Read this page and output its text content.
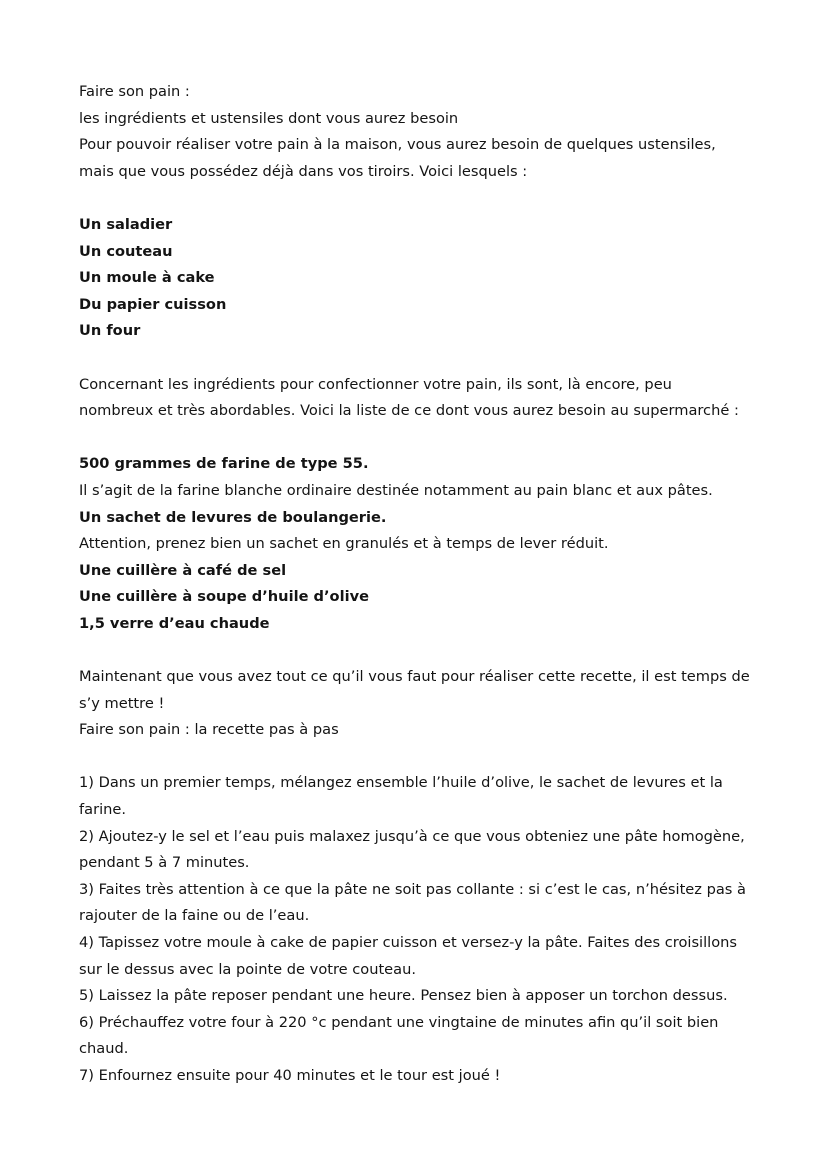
Faire son pain :
les ingrédients et ustensiles dont vous aurez besoin
Pour pouvoir réaliser votre pain à la maison, vous aurez besoin de quelques ustensiles,
mais que vous possédez déjà dans vos tiroirs. Voici lesquels :
Un saladier
Un couteau
Un moule à cake
Du papier cuisson
Un four
Concernant les ingrédients pour confectionner votre pain, ils sont, là encore, peu
nombreux et très abordables. Voici la liste de ce dont vous aurez besoin au supermarché :
500 grammes de farine de type 55.
Il s’agit de la farine blanche ordinaire destinée notamment au pain blanc et aux pâtes.
Un sachet de levures de boulangerie.
Attention, prenez bien un sachet en granulés et à temps de lever réduit.
Une cuillère à café de sel
Une cuillère à soupe d’huile d’olive
1,5 verre d’eau chaude
Maintenant que vous avez tout ce qu’il vous faut pour réaliser cette recette, il est temps de
s’y mettre !
Faire son pain : la recette pas à pas
1) Dans un premier temps, mélangez ensemble l’huile d’olive, le sachet de levures et la
farine.
2) Ajoutez-y le sel et l’eau puis malaxez jusqu’à ce que vous obteniez une pâte homogène,
pendant 5 à 7 minutes.
3) Faites très attention à ce que la pâte ne soit pas collante : si c’est le cas, n’hésitez pas à
rajouter de la faine ou de l’eau.
4) Tapissez votre moule à cake de papier cuisson et versez-y la pâte. Faites des croisillons
sur le dessus avec la pointe de votre couteau.
5) Laissez la pâte reposer pendant une heure. Pensez bien à apposer un torchon dessus.
6) Préchauffez votre four à 220 °c pendant une vingtaine de minutes afin qu’il soit bien
chaud.
7) Enfournez ensuite pour 40 minutes et le tour est joué !
